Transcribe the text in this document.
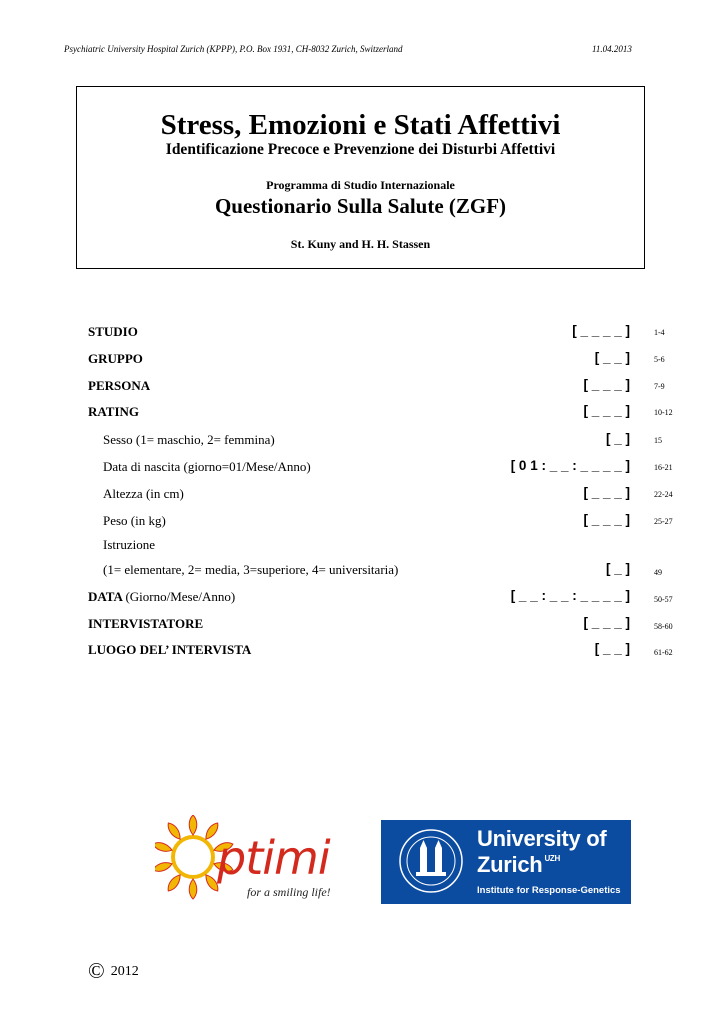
Psychiatric University Hospital Zurich (KPPP), P.O. Box 1931, CH-8032 Zurich, Switzerland	11.04.2013
Stress, Emozioni e Stati Affettivi
Identificazione Precoce e Prevenzione dei Disturbi Affettivi
Programma di Studio Internazionale
Questionario Sulla Salute (ZGF)
St. Kuny and H. H. Stassen
STUDIO	[ _ _ _ _ ]	1-4
GRUPPO	[ _ _ ]	5-6
PERSONA	[ _ _ _ ]	7-9
RATING	[ _ _ _ ]	10-12
Sesso (1= maschio, 2= femmina)	[ _ ]	15
Data di nascita (giorno=01/Mese/Anno)	[ 0 1 : _ _ : _ _ _ _ ]	16-21
Altezza (in cm)	[ _ _ _ ]	22-24
Peso (in kg)	[ _ _ _ ]	25-27
Istruzione
(1= elementare, 2= media, 3=superiore, 4= universitaria)	[ _ ]	49
DATA (Giorno/Mese/Anno)	[ _ _ : _ _ : _ _ _ _ ]	50-57
INTERVISTATORE	[ _ _ _ ]	58-60
LUOGO DEL’ INTERVISTA	[ _ _ ]	61-62
ptimi
for a smiling life!
University of
Zurich $^{UZH}$
Institute for Response-Genetics
© 2012
